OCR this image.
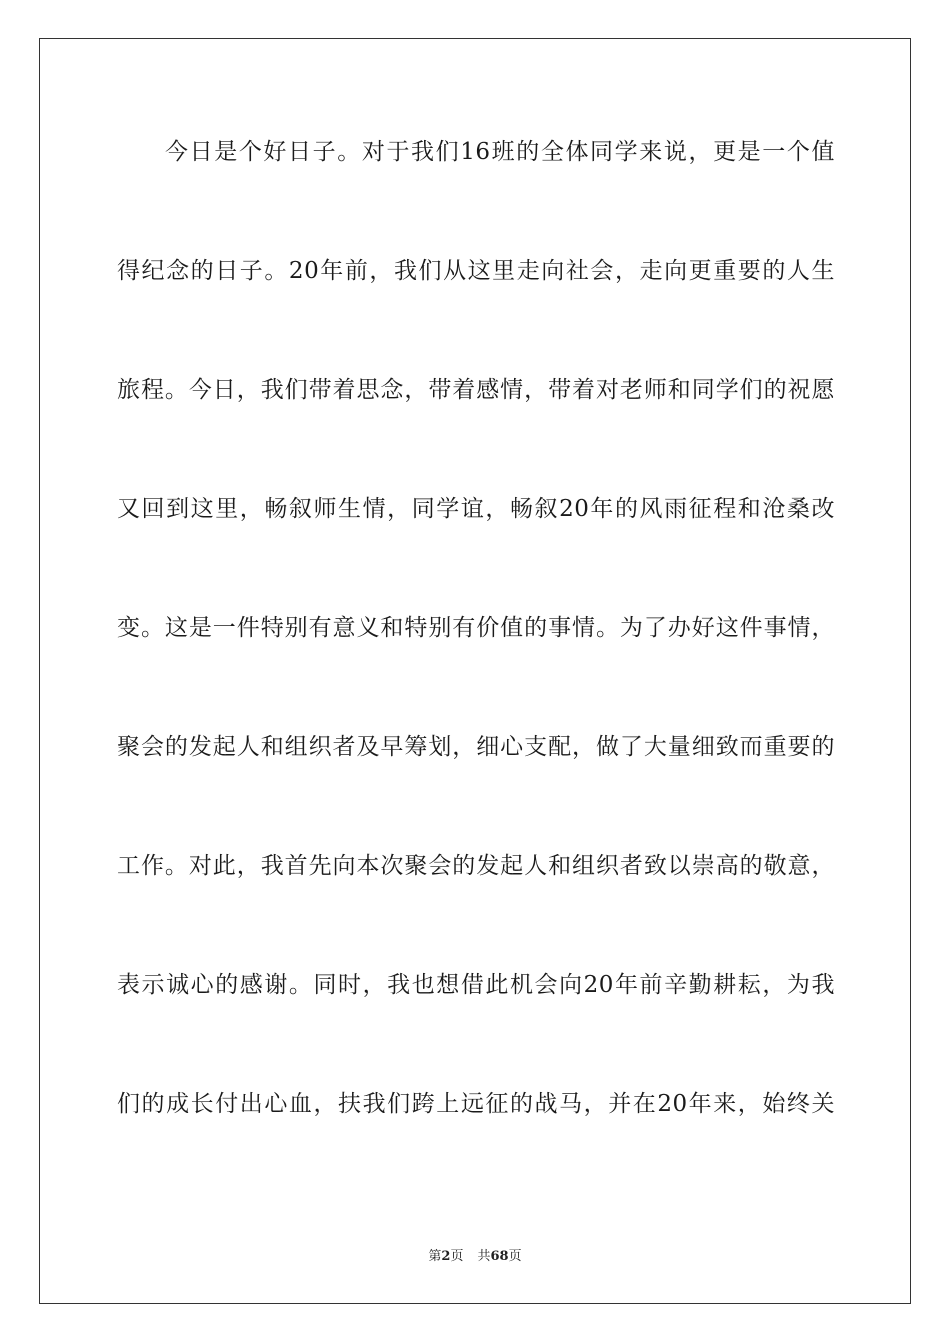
今日是个好日子。对于我们16班的全体同学来说，更是一个值
得纪念的日子。20年前，我们从这里走向社会，走向更重要的人生
旅程。今日，我们带着思念，带着感情，带着对老师和同学们的祝愿
又回到这里，畅叙师生情，同学谊，畅叙20年的风雨征程和沧桑改
变。这是一件特别有意义和特别有价值的事情。为了办好这件事情，
聚会的发起人和组织者及早筹划，细心支配，做了大量细致而重要的
工作。对此，我首先向本次聚会的发起人和组织者致以崇高的敬意，
表示诚心的感谢。同时，我也想借此机会向20年前辛勤耕耘，为我
们的成长付出心血，扶我们跨上远征的战马，并在20年来，始终关
第2页 共68页
